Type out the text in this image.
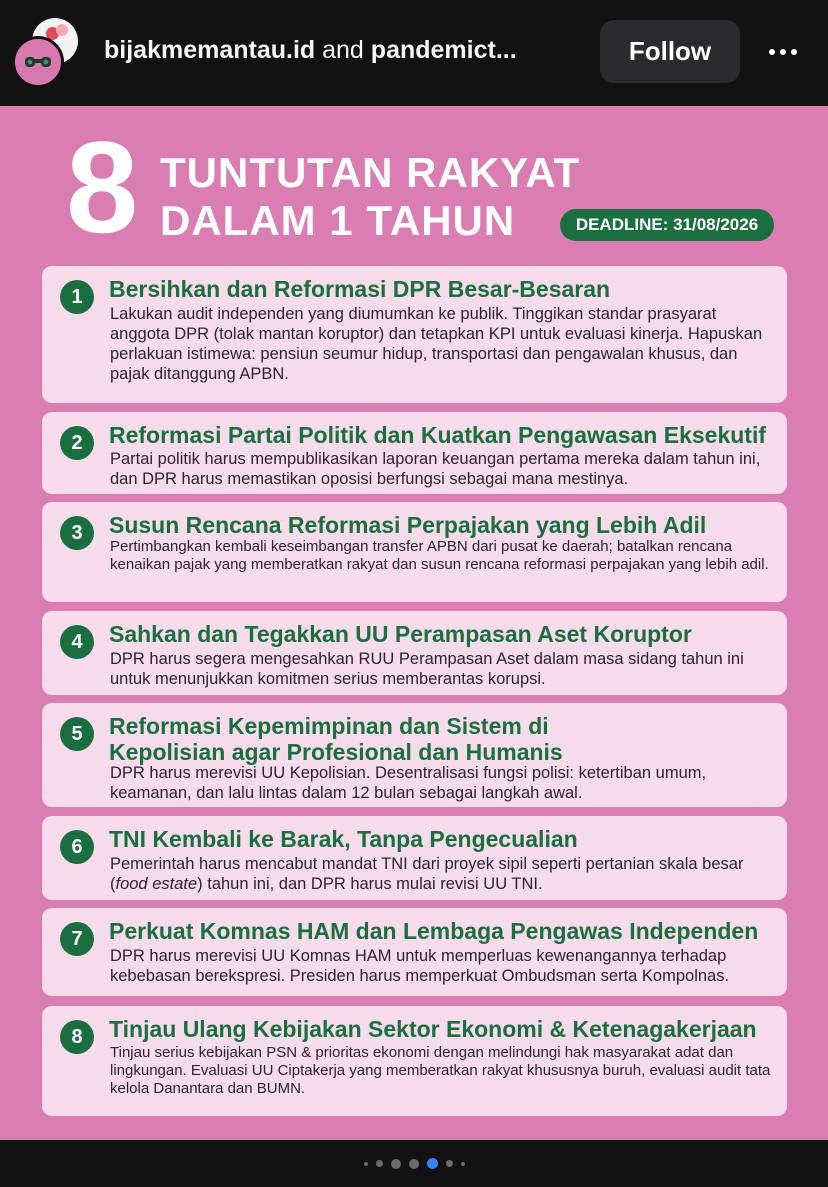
bijakmemantau.id and pandemict...	Follow
8 TUNTUTAN RAKYAT
DALAM 1 TAHUN	DEADLINE: 31/08/2026
1	Bersihkan dan Reformasi DPR Besar-Besaran

Lakukan audit independen yang diumumkan ke publik. Tinggikan standar prasyarat anggota DPR (tolak mantan koruptor) dan tetapkan KPI untuk evaluasi kinerja. Hapuskan perlakuan istimewa: pensiun seumur hidup, transportasi dan pengawalan khusus, dan pajak ditanggung APBN.

2	Reformasi Partai Politik dan Kuatkan Pengawasan Eksekutif

Partai politik harus mempublikasikan laporan keuangan pertama mereka dalam tahun ini, dan DPR harus memastikan oposisi berfungsi sebagai mana mestinya.

3	Susun Rencana Reformasi Perpajakan yang Lebih Adil

Pertimbangkan kembali keseimbangan transfer APBN dari pusat ke daerah; batalkan rencana kenaikan pajak yang memberatkan rakyat dan susun rencana reformasi perpajakan yang lebih adil.

4	Sahkan dan Tegakkan UU Perampasan Aset Koruptor

DPR harus segera mengesahkan RUU Perampasan Aset dalam masa sidang tahun ini untuk menunjukkan komitmen serius memberantas korupsi.

5	Reformasi Kepemimpinan dan Sistem di Kepolisian agar Profesional dan Humanis

DPR harus merevisi UU Kepolisian. Desentralisasi fungsi polisi: ketertiban umum, keamanan, dan lalu lintas dalam 12 bulan sebagai langkah awal.

6	TNI Kembali ke Barak, Tanpa Pengecualian

Pemerintah harus mencabut mandat TNI dari proyek sipil seperti pertanian skala besar (food estate) tahun ini, dan DPR harus mulai revisi UU TNI.

7	Perkuat Komnas HAM dan Lembaga Pengawas Independen

DPR harus merevisi UU Komnas HAM untuk memperluas kewenangannya terhadap kebebasan berekspresi. Presiden harus memperkuat Ombudsman serta Kompolnas.

8	Tinjau Ulang Kebijakan Sektor Ekonomi & Ketenagakerjaan

Tinjau serius kebijakan PSN & prioritas ekonomi dengan melindungi hak masyarakat adat dan lingkungan. Evaluasi UU Ciptakerja yang memberatkan rakyat khususnya buruh, evaluasi audit tata kelola Danantara dan BUMN.
